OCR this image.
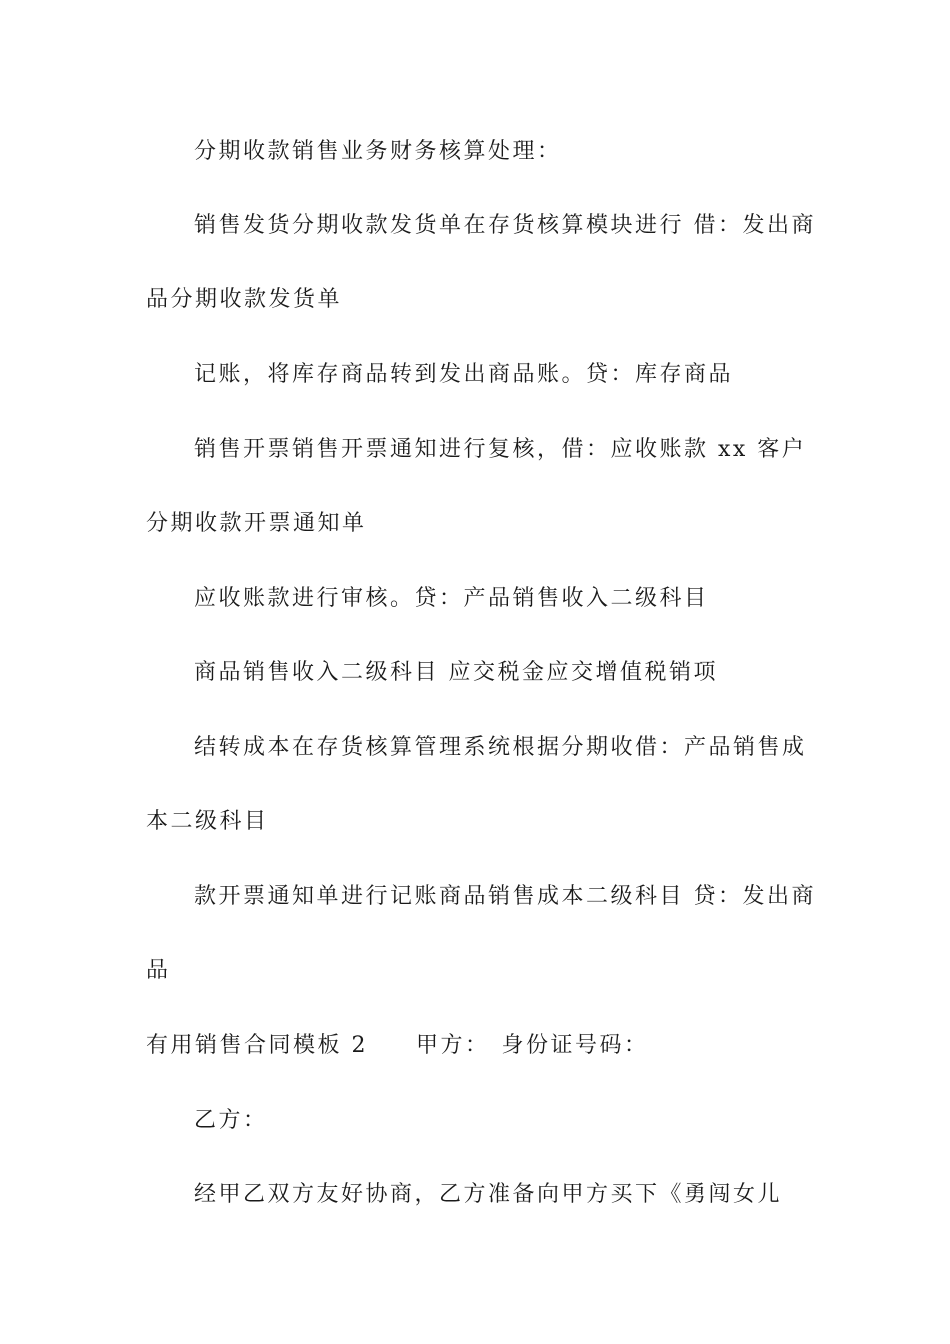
分期收款销售业务财务核算处理：
销售发货分期收款发货单在存货核算模块进行 借：发出商
品分期收款发货单
记账，将库存商品转到发出商品账。贷：库存商品
销售开票销售开票通知进行复核，借：应收账款 xx 客户
分期收款开票通知单
应收账款进行审核。贷：产品销售收入二级科目
商品销售收入二级科目 应交税金应交增值税销项
结转成本在存货核算管理系统根据分期收借：产品销售成
本二级科目
款开票通知单进行记账商品销售成本二级科目 贷：发出商
品
有用销售合同模板 2 甲方： 身份证号码：
乙方：
经甲乙双方友好协商，乙方准备向甲方买下《勇闯女儿
